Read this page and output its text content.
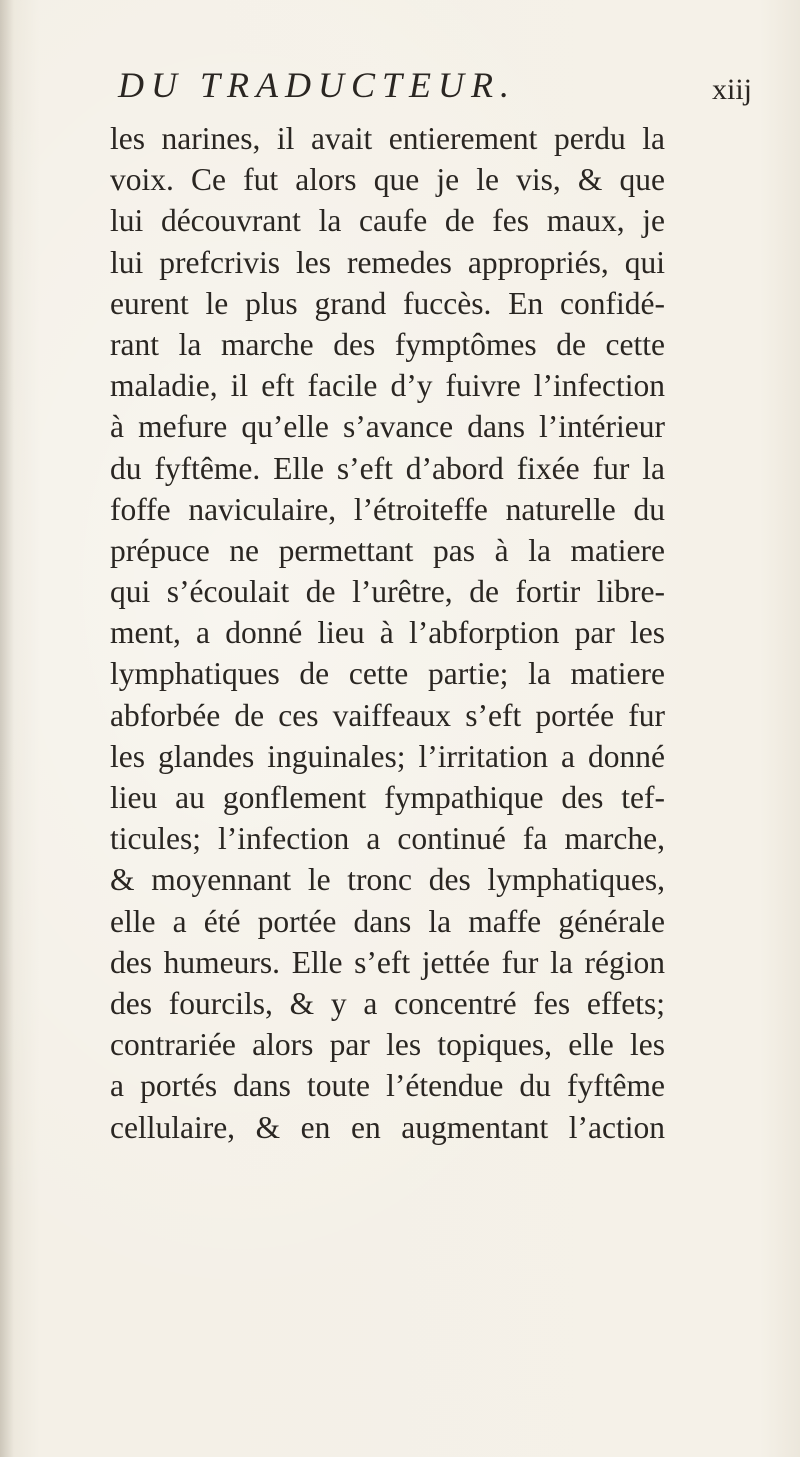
DU TRADUCTEUR.	xiij
les narines, il avait entierement perdu la
voix. Ce fut alors que je le vis, & que
lui découvrant la caufe de fes maux, je
lui prefcrivis les remedes appropriés, qui
eurent le plus grand fuccès. En confidé-
rant la marche des fymptômes de cette
maladie, il eft facile d’y fuivre l’infection
à mefure qu’elle s’avance dans l’intérieur
du fyftême. Elle s’eft d’abord fixée fur la
foffe naviculaire, l’étroiteffe naturelle du
prépuce ne permettant pas à la matiere
qui s’écoulait de l’urêtre, de fortir libre-
ment, a donné lieu à l’abforption par les
lymphatiques de cette partie; la matiere
abforbée de ces vaiffeaux s’eft portée fur
les glandes inguinales; l’irritation a donné
lieu au gonflement fympathique des tef-
ticules; l’infection a continué fa marche,
& moyennant le tronc des lymphatiques,
elle a été portée dans la maffe générale
des humeurs. Elle s’eft jettée fur la région
des fourcils, & y a concentré fes effets;
contrariée alors par les topiques, elle les
a portés dans toute l’étendue du fyftême
cellulaire, & en en augmentant l’action
